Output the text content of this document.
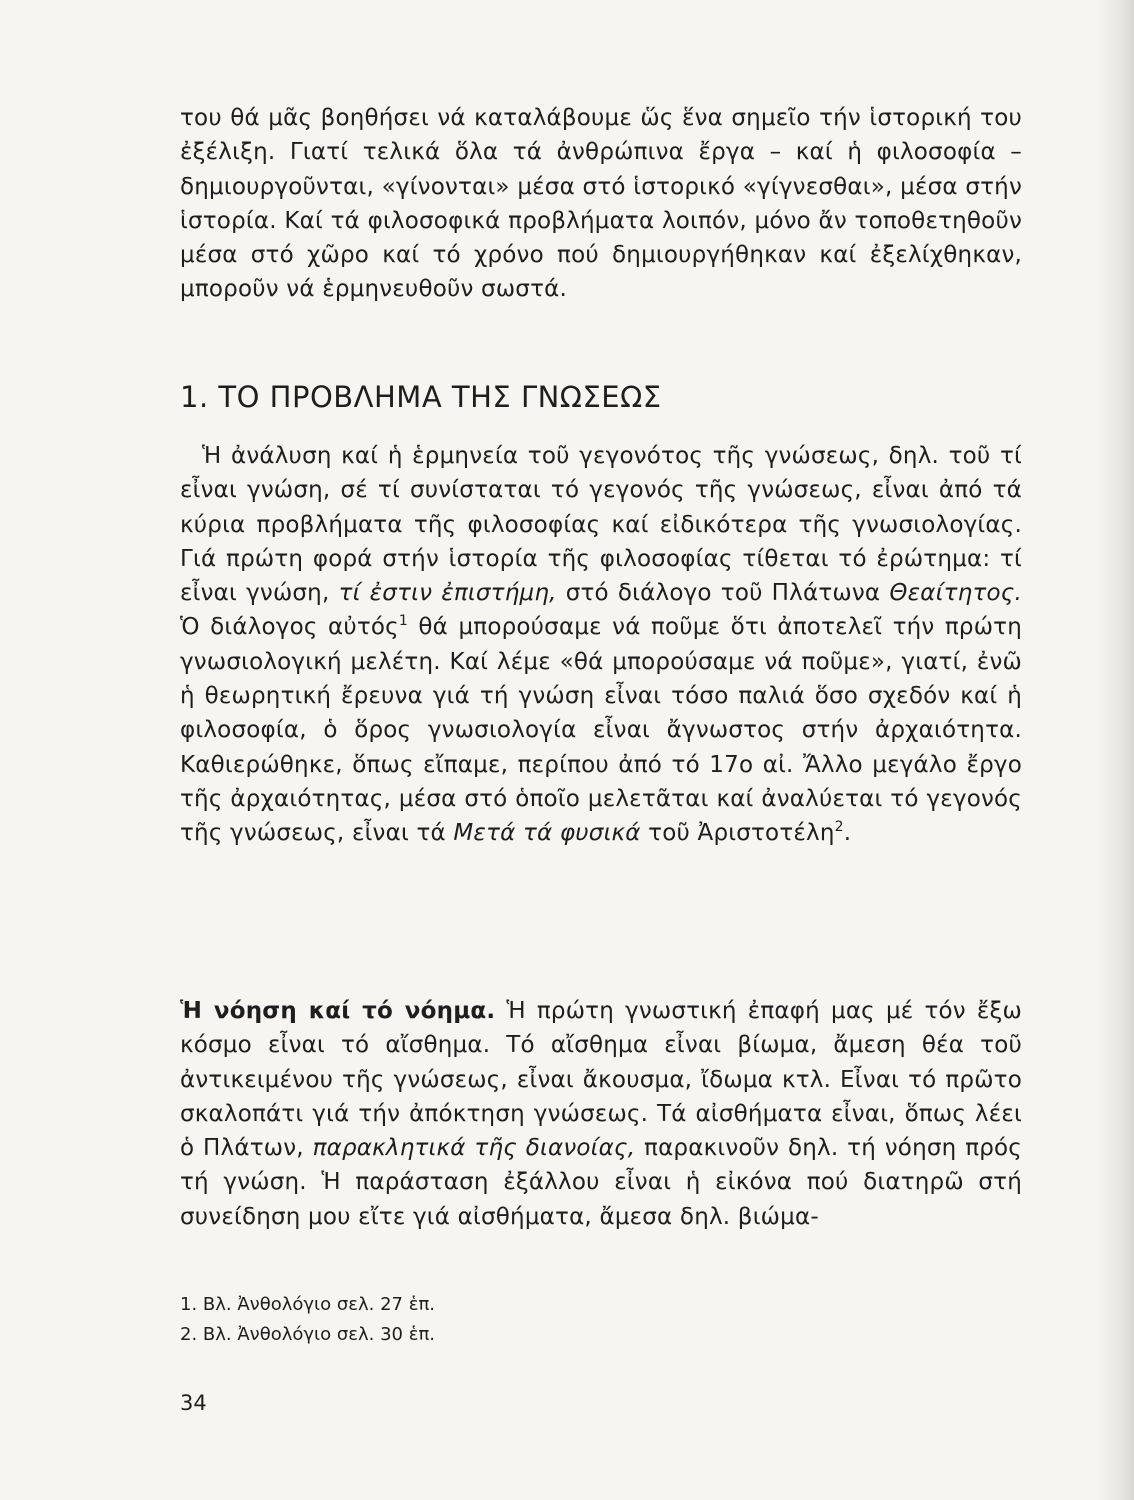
του θά μᾶς βοηθήσει νά καταλάβουμε ὥς ἕνα σημεῖο τήν ἱστορική του ἐξέλιξη. Γιατί τελικά ὅλα τά ἀνθρώπινα ἔργα – καί ἡ φιλοσοφία – δημιουργοῦνται, «γίνονται» μέσα στό ἱστορικό «γίγνεσθαι», μέσα στήν ἱστορία. Καί τά φιλοσοφικά προβλήματα λοιπόν, μόνο ἄν τοποθετηθοῦν μέσα στό χῶρο καί τό χρόνο πού δημιουργήθηκαν καί ἐξελίχθηκαν, μποροῦν νά ἑρμηνευθοῦν σωστά.

1. ΤΟ ΠΡΟΒΛΗΜΑ ΤΗΣ ΓΝΩΣΕΩΣ

Ἡ ἀνάλυση καί ἡ ἑρμηνεία τοῦ γεγονότος τῆς γνώσεως, δηλ. τοῦ τί εἶναι γνώση, σέ τί συνίσταται τό γεγονός τῆς γνώσεως, εἶναι ἀπό τά κύρια προβλήματα τῆς φιλοσοφίας καί εἰδικότερα τῆς γνωσιολογίας. Γιά πρώτη φορά στήν ἱστορία τῆς φιλοσοφίας τίθεται τό ἐρώτημα: τί εἶναι γνώση, τί ἐστιν ἐπιστήμη, στό διάλογο τοῦ Πλάτωνα Θεαίτητος. Ὁ διάλογος αὐτός$^1$ θά μπορούσαμε νά ποῦμε ὅτι ἀποτελεῖ τήν πρώτη γνωσιολογική μελέτη. Καί λέμε «θά μπορούσαμε νά ποῦμε», γιατί, ἐνῶ ἡ θεωρητική ἔρευνα γιά τή γνώση εἶναι τόσο παλιά ὅσο σχεδόν καί ἡ φιλοσοφία, ὁ ὅρος γνωσιολογία εἶναι ἄγνωστος στήν ἀρχαιότητα. Καθιερώθηκε, ὅπως εἴπαμε, περίπου ἀπό τό 17ο αἰ. Ἄλλο μεγάλο ἔργο τῆς ἀρχαιότητας, μέσα στό ὁποῖο μελετᾶται καί ἀναλύεται τό γεγονός τῆς γνώσεως, εἶναι τά Μετά τά φυσικά τοῦ Ἀριστοτέλη$^2$.

Ἡ νόηση καί τό νόημα. Ἡ πρώτη γνωστική ἐπαφή μας μέ τόν ἔξω κόσμο εἶναι τό αἴσθημα. Τό αἴσθημα εἶναι βίωμα, ἄμεση θέα τοῦ ἀντικειμένου τῆς γνώσεως, εἶναι ἄκουσμα, ἴδωμα κτλ. Εἶναι τό πρῶτο σκαλοπάτι γιά τήν ἀπόκτηση γνώσεως. Τά αἰσθήματα εἶναι, ὅπως λέει ὁ Πλάτων, παρακλητικά τῆς διανοίας, παρακινοῦν δηλ. τή νόηση πρός τή γνώση. Ἡ παράσταση ἐξάλλου εἶναι ἡ εἰκόνα πού διατηρῶ στή συνείδηση μου εἴτε γιά αἰσθήματα, ἄμεσα δηλ. βιώμα-

1. Βλ. Ἀνθολόγιο σελ. 27 ἑπ.
2. Βλ. Ἀνθολόγιο σελ. 30 ἑπ.
34
